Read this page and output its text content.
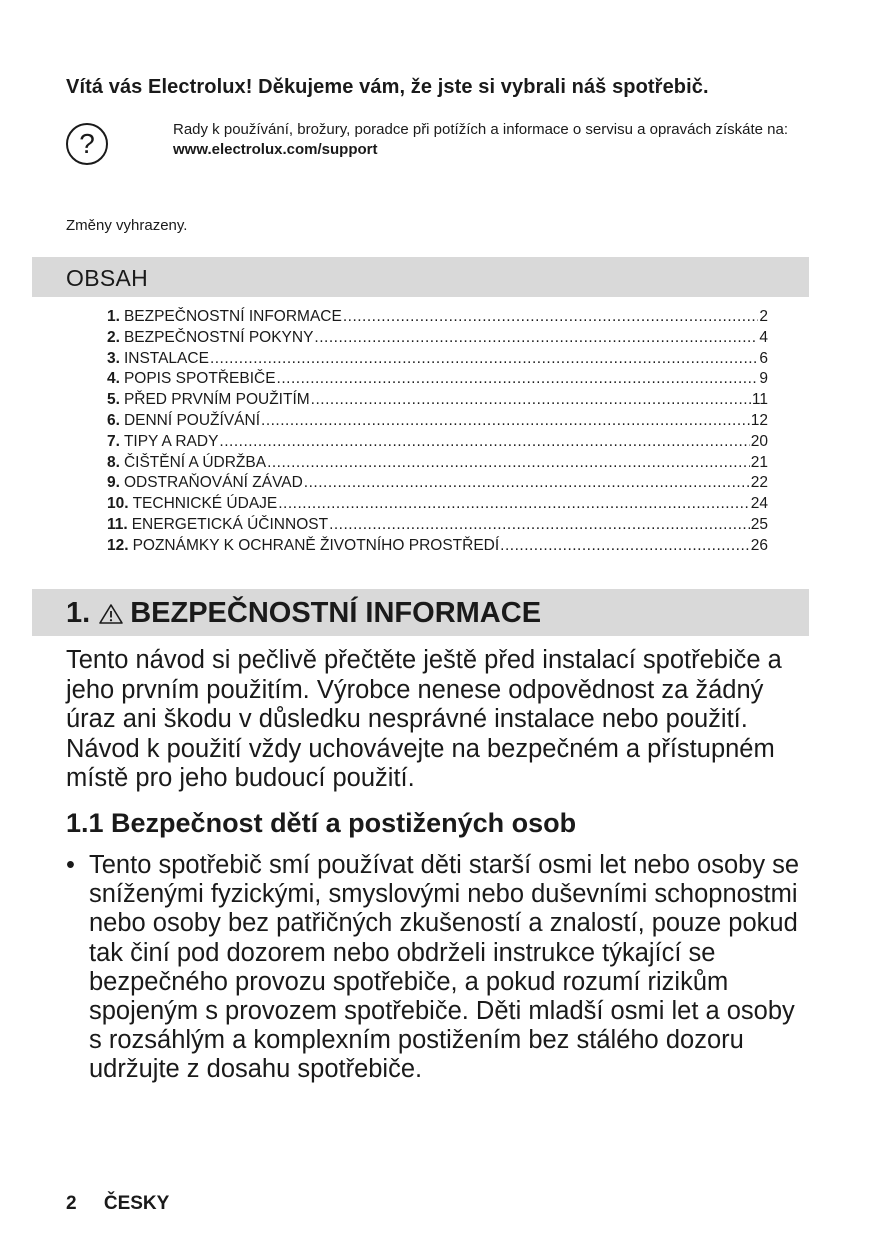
Vítá vás Electrolux! Děkujeme vám, že jste si vybrali náš spotřebič.
?	Rady k používání, brožury, poradce při potížích a informace o servisu a opravách získáte na:
www.electrolux.com/support
Změny vyhrazeny.
OBSAH
1. BEZPEČNOSTNÍ INFORMACE .....	2
2. BEZPEČNOSTNÍ POKYNY .....	4
3. INSTALACE .....	6
4. POPIS SPOTŘEBIČE .....	9
5. PŘED PRVNÍM POUŽITÍM .....	11
6. DENNÍ POUŽÍVÁNÍ .....	12
7. TIPY A RADY .....	20
8. ČIŠTĚNÍ A ÚDRŽBA .....	21
9. ODSTRAŇOVÁNÍ ZÁVAD .....	22
10. TECHNICKÉ ÚDAJE .....	24
11. ENERGETICKÁ ÚČINNOST .....	25
12. POZNÁMKY K OCHRANĚ ŽIVOTNÍHO PROSTŘEDÍ .....	26
1. BEZPEČNOSTNÍ INFORMACE

Tento návod si pečlivě přečtěte ještě před instalací spotřebiče a jeho prvním použitím. Výrobce nenese odpovědnost za žádný úraz ani škodu v důsledku nesprávné instalace nebo použití. Návod k použití vždy uchovávejte na bezpečném a přístupném místě pro jeho budoucí použití.

1.1 Bezpečnost dětí a postižených osob
• Tento spotřebič smí používat děti starší osmi let nebo osoby se sníženými fyzickými, smyslovými nebo duševními schopnostmi nebo osoby bez patřičných zkušeností a znalostí, pouze pokud tak činí pod dozorem nebo obdrželi instrukce týkající se bezpečného provozu spotřebiče, a pokud rozumí rizikům spojeným s provozem spotřebiče. Děti mladší osmi let a osoby s rozsáhlým a komplexním postižením bez stálého dozoru udržujte z dosahu spotřebiče.
2 ČESKY
